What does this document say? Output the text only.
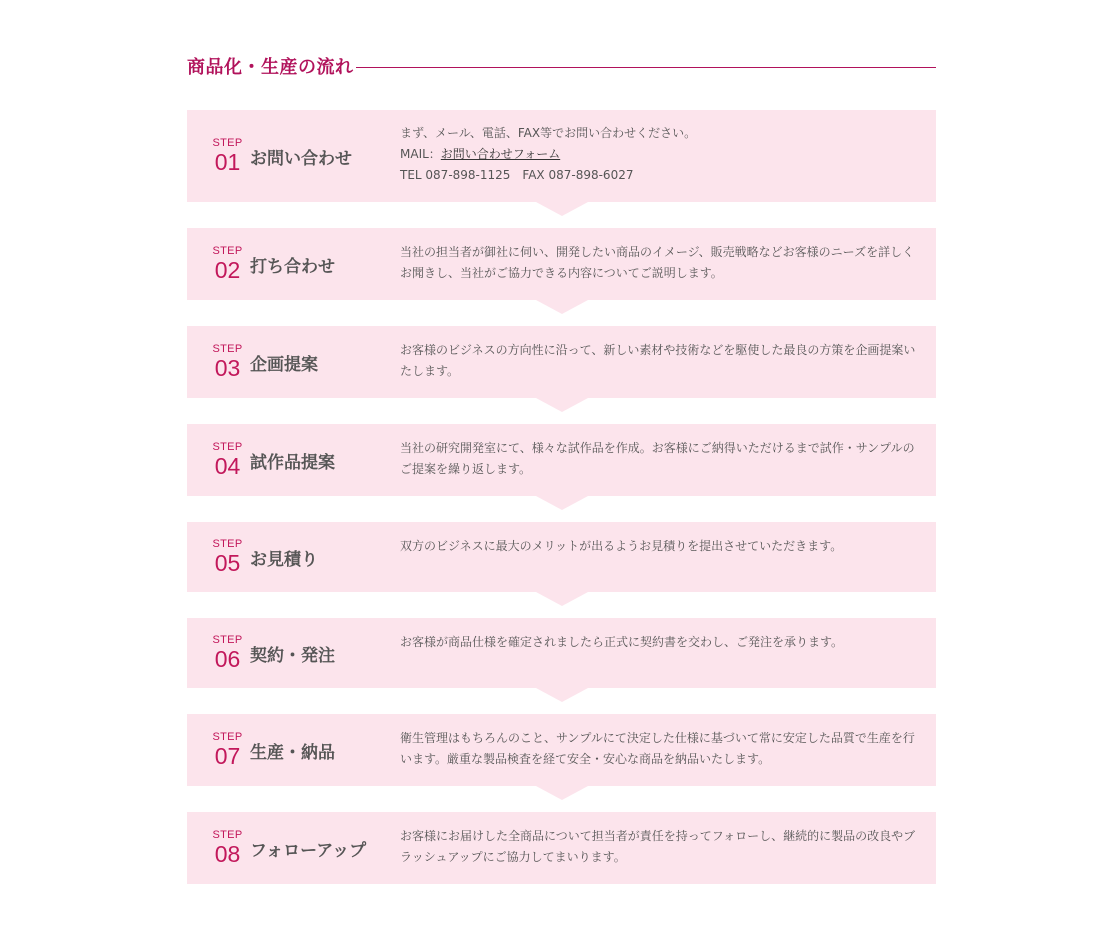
商品化・生産の流れ
STEP
01 お問い合わせ
まず、メール、電話、FAX等でお問い合わせください。
MAIL：お問い合わせフォーム
TEL 087-898-1125　FAX 087-898-6027
STEP
02 打ち合わせ
当社の担当者が御社に伺い、開発したい商品のイメージ、販売戦略などお客様のニーズを詳しくお聞きし、当社がご協力できる内容についてご説明します。
STEP
03 企画提案
お客様のビジネスの方向性に沿って、新しい素材や技術などを駆使した最良の方策を企画提案いたします。
STEP
04 試作品提案
当社の研究開発室にて、様々な試作品を作成。お客様にご納得いただけるまで試作・サンプルのご提案を繰り返します。
STEP
05 お見積り
双方のビジネスに最大のメリットが出るようお見積りを提出させていただきます。
STEP
06 契約・発注
お客様が商品仕様を確定されましたら正式に契約書を交わし、ご発注を承ります。
STEP
07 生産・納品
衛生管理はもちろんのこと、サンプルにて決定した仕様に基づいて常に安定した品質で生産を行います。厳重な製品検査を経て安全・安心な商品を納品いたします。
STEP
08 フォローアップ
お客様にお届けした全商品について担当者が責任を持ってフォローし、継続的に製品の改良やブラッシュアップにご協力してまいります。
